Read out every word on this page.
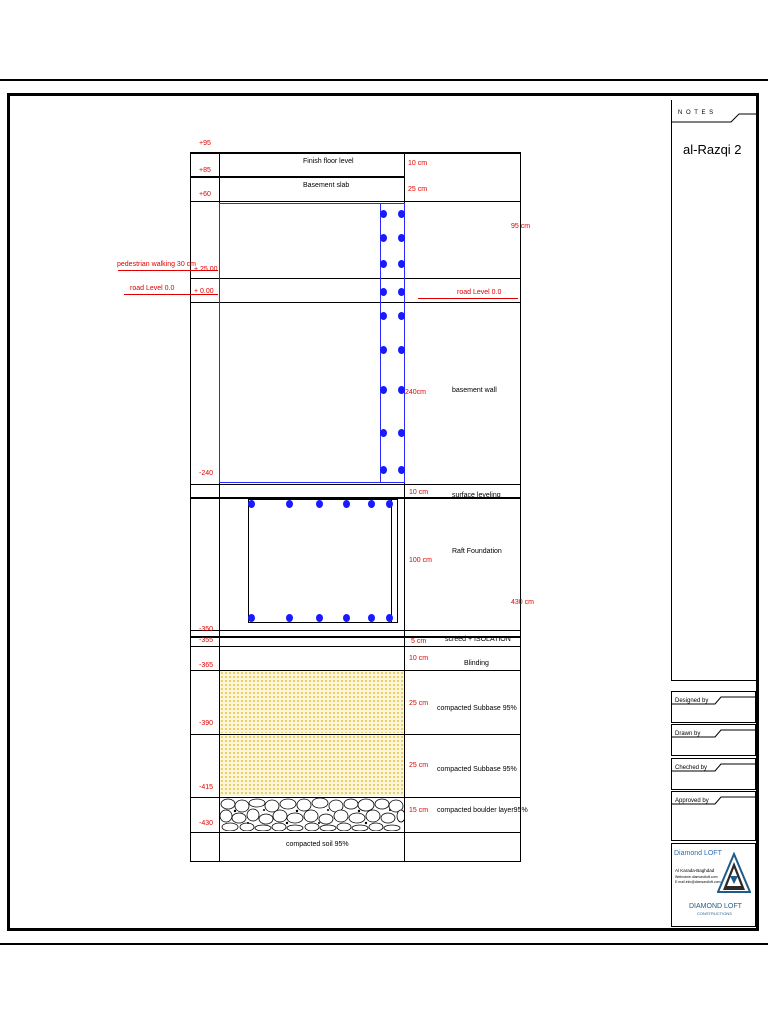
+95
+85
+60
+ 25.00
+ 0.00
-240
-350
-355
-365
-390
-415
-430
pedestrian walking 30 cm
road Level 0.0
Finish floor level
Basement slab
road Level 0.0
basement wall
surface leveling
Raft Foundation
screed + ISOLATION
Blinding
compacted Subbase 95%
compacted Subbase 95%
compacted boulder layer95%
compacted soil 95%
10 cm
25 cm
95 cm
240cm
10 cm
100 cm
430 cm
5 cm
10 cm
25 cm
25 cm
15 cm
N O T E S
al-Razqi 2
Designed by
Drawn by
Cheched by
Approved by
Diamond LOFT
Al Karada-Baghdad
Webname.diamondloft.com
E.mail.info@diamondloft.com
DIAMOND LOFT
CONSTRUCTIONS
